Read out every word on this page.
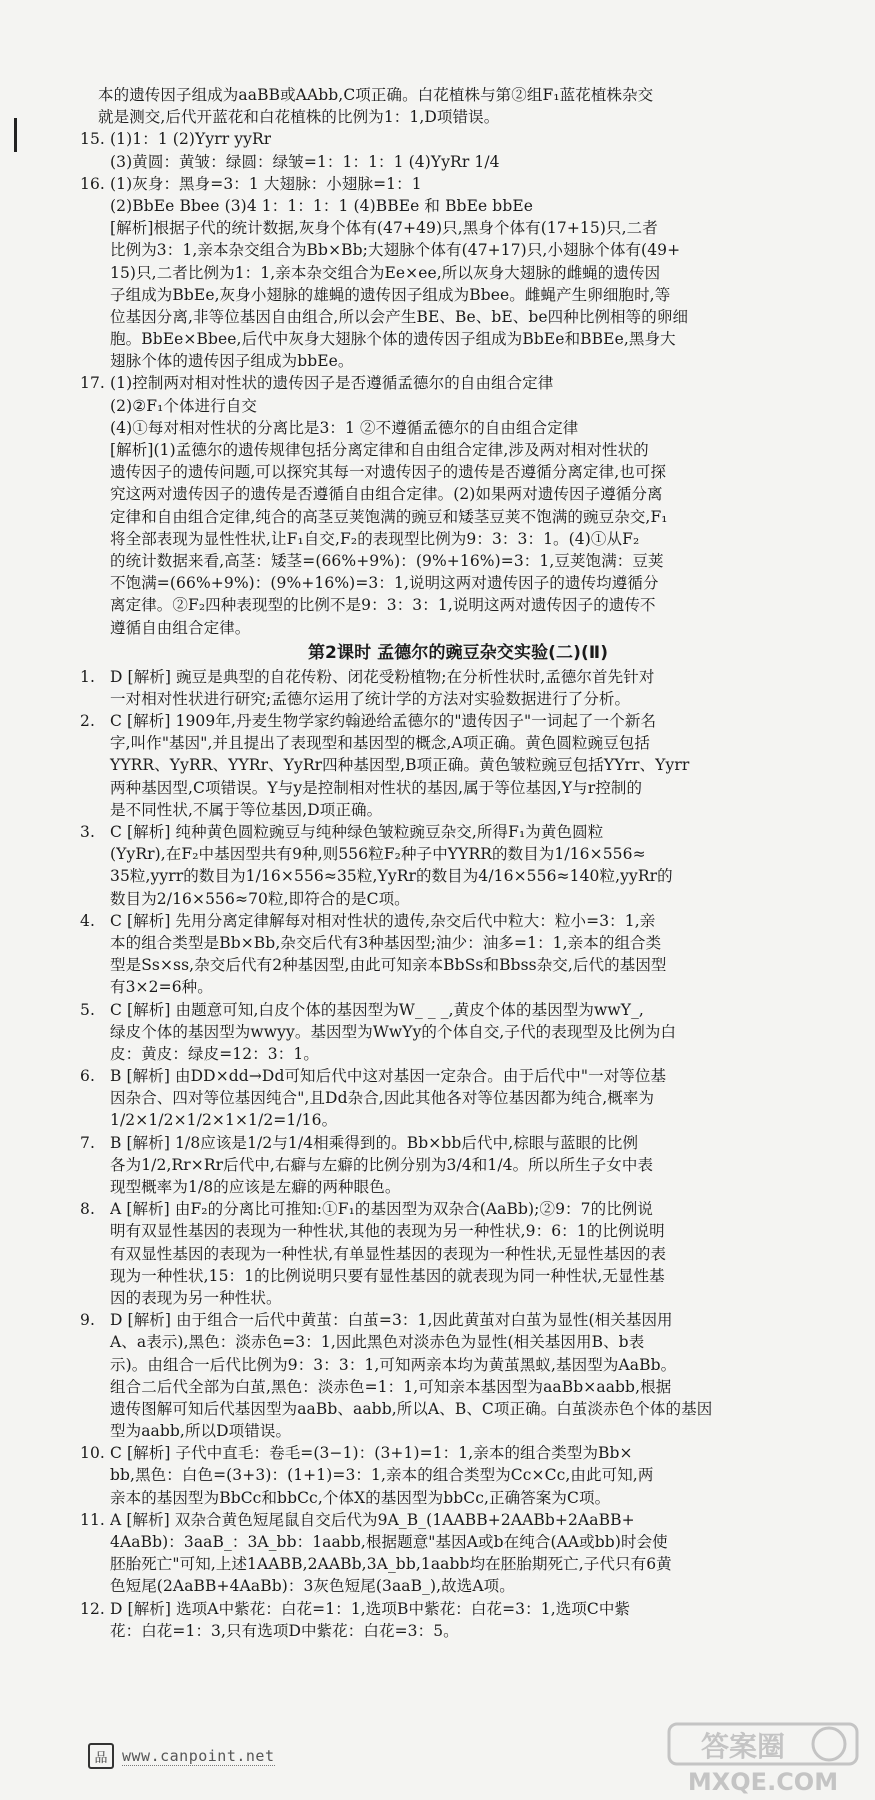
本的遗传因子组成为aaBB或AAbb,C项正确。白花植株与第②组F₁蓝花植株杂交
就是测交,后代开蓝花和白花植株的比例为1：1,D项错误。
15. (1)1：1 (2)Yyrr yyRr
(3)黄圆：黄皱：绿圆：绿皱=1：1：1：1 (4)YyRr 1/4
16. (1)灰身：黑身=3：1 大翅脉：小翅脉=1：1
(2)BbEe Bbee (3)4 1：1：1：1 (4)BBEe 和 BbEe bbEe
[解析]根据子代的统计数据,灰身个体有(47+49)只,黑身个体有(17+15)只,二者
比例为3：1,亲本杂交组合为Bb×Bb;大翅脉个体有(47+17)只,小翅脉个体有(49+
15)只,二者比例为1：1,亲本杂交组合为Ee×ee,所以灰身大翅脉的雌蝇的遗传因
子组成为BbEe,灰身小翅脉的雄蝇的遗传因子组成为Bbee。雌蝇产生卵细胞时,等
位基因分离,非等位基因自由组合,所以会产生BE、Be、bE、be四种比例相等的卵细
胞。BbEe×Bbee,后代中灰身大翅脉个体的遗传因子组成为BbEe和BBEe,黑身大
翅脉个体的遗传因子组成为bbEe。
17. (1)控制两对相对性状的遗传因子是否遵循孟德尔的自由组合定律
(2)②F₁个体进行自交
(4)①每对相对性状的分离比是3：1 ②不遵循孟德尔的自由组合定律
[解析](1)孟德尔的遗传规律包括分离定律和自由组合定律,涉及两对相对性状的
遗传因子的遗传问题,可以探究其每一对遗传因子的遗传是否遵循分离定律,也可探
究这两对遗传因子的遗传是否遵循自由组合定律。(2)如果两对遗传因子遵循分离
定律和自由组合定律,纯合的高茎豆荚饱满的豌豆和矮茎豆荚不饱满的豌豆杂交,F₁
将全部表现为显性性状,让F₁自交,F₂的表现型比例为9：3：3：1。(4)①从F₂
的统计数据来看,高茎：矮茎=(66%+9%)：(9%+16%)=3：1,豆荚饱满：豆荚
不饱满=(66%+9%)：(9%+16%)=3：1,说明这两对遗传因子的遗传均遵循分
离定律。②F₂四种表现型的比例不是9：3：3：1,说明这两对遗传因子的遗传不
遵循自由组合定律。
第2课时 孟德尔的豌豆杂交实验(二)(Ⅱ)
1. D [解析] 豌豆是典型的自花传粉、闭花受粉植物;在分析性状时,孟德尔首先针对
一对相对性状进行研究;孟德尔运用了统计学的方法对实验数据进行了分析。
2. C [解析] 1909年,丹麦生物学家约翰逊给孟德尔的"遗传因子"一词起了一个新名
字,叫作"基因",并且提出了表现型和基因型的概念,A项正确。黄色圆粒豌豆包括
YYRR、YyRR、YYRr、YyRr四种基因型,B项正确。黄色皱粒豌豆包括YYrr、Yyrr
两种基因型,C项错误。Y与y是控制相对性状的基因,属于等位基因,Y与r控制的
是不同性状,不属于等位基因,D项正确。
3. C [解析] 纯种黄色圆粒豌豆与纯种绿色皱粒豌豆杂交,所得F₁为黄色圆粒
(YyRr),在F₂中基因型共有9种,则556粒F₂种子中YYRR的数目为1/16×556≈
35粒,yyrr的数目为1/16×556≈35粒,YyRr的数目为4/16×556≈140粒,yyRr的
数目为2/16×556≈70粒,即符合的是C项。
4. C [解析] 先用分离定律解每对相对性状的遗传,杂交后代中粒大：粒小=3：1,亲
本的组合类型是Bb×Bb,杂交后代有3种基因型;油少：油多=1：1,亲本的组合类
型是Ss×ss,杂交后代有2种基因型,由此可知亲本BbSs和Bbss杂交,后代的基因型
有3×2=6种。
5. C [解析] 由题意可知,白皮个体的基因型为W_ _ _,黄皮个体的基因型为wwY_,
绿皮个体的基因型为wwyy。基因型为WwYy的个体自交,子代的表现型及比例为白
皮：黄皮：绿皮=12：3：1。
6. B [解析] 由DD×dd→Dd可知后代中这对基因一定杂合。由于后代中"一对等位基
因杂合、四对等位基因纯合",且Dd杂合,因此其他各对等位基因都为纯合,概率为
1/2×1/2×1/2×1×1/2=1/16。
7. B [解析] 1/8应该是1/2与1/4相乘得到的。Bb×bb后代中,棕眼与蓝眼的比例
各为1/2,Rr×Rr后代中,右癖与左癖的比例分别为3/4和1/4。所以所生子女中表
现型概率为1/8的应该是左癖的两种眼色。
8. A [解析] 由F₂的分离比可推知:①F₁的基因型为双杂合(AaBb);②9：7的比例说
明有双显性基因的表现为一种性状,其他的表现为另一种性状,9：6：1的比例说明
有双显性基因的表现为一种性状,有单显性基因的表现为一种性状,无显性基因的表
现为一种性状,15：1的比例说明只要有显性基因的就表现为同一种性状,无显性基
因的表现为另一种性状。
9. D [解析] 由于组合一后代中黄茧：白茧=3：1,因此黄茧对白茧为显性(相关基因用
A、a表示),黑色：淡赤色=3：1,因此黑色对淡赤色为显性(相关基因用B、b表
示)。由组合一后代比例为9：3：3：1,可知两亲本均为黄茧黑蚁,基因型为AaBb。
组合二后代全部为白茧,黑色：淡赤色=1：1,可知亲本基因型为aaBb×aabb,根据
遗传图解可知后代基因型为aaBb、aabb,所以A、B、C项正确。白茧淡赤色个体的基因
型为aabb,所以D项错误。
10. C [解析] 子代中直毛：卷毛=(3−1)：(3+1)=1：1,亲本的组合类型为Bb×
bb,黑色：白色=(3+3)：(1+1)=3：1,亲本的组合类型为Cc×Cc,由此可知,两
亲本的基因型为BbCc和bbCc,个体X的基因型为bbCc,正确答案为C项。
11. A [解析] 双杂合黄色短尾鼠自交后代为9A_B_(1AABB+2AABb+2AaBB+
4AaBb)：3aaB_：3A_bb：1aabb,根据题意"基因A或b在纯合(AA或bb)时会使
胚胎死亡"可知,上述1AABB,2AABb,3A_bb,1aabb均在胚胎期死亡,子代只有6黄
色短尾(2AaBB+4AaBb)：3灰色短尾(3aaB_),故选A项。
12. D [解析] 选项A中紫花：白花=1：1,选项B中紫花：白花=3：1,选项C中紫
花：白花=1：3,只有选项D中紫花：白花=3：5。
品 www.canpoint.net	答案圈
MXQE.COM
